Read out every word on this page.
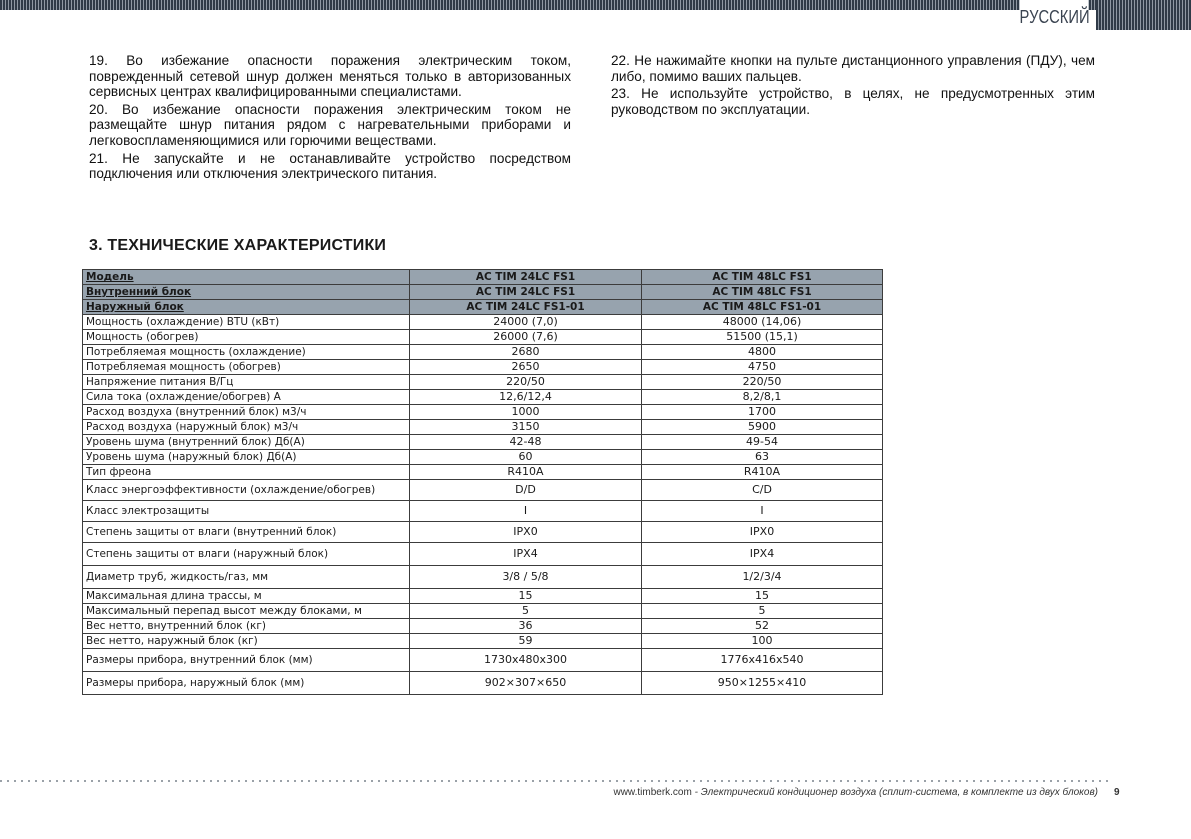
РУССКИЙ

19. Во избежание опасности поражения электрическим током, поврежденный сетевой шнур должен меняться только в авторизованных сервисных центрах квалифицированными специалистами.

20. Во избежание опасности поражения электрическим током не размещайте шнур питания рядом с нагревательными приборами и легковоспламеняющимися или горючими веществами.

21. Не запускайте и не останавливайте устройство посредством подключения или отключения электрического питания.

22. Не нажимайте кнопки на пульте дистанционного управления (ПДУ), чем либо, помимо ваших пальцев.

23. Не используйте устройство, в целях, не предусмотренных этим руководством по эксплуатации.

3. ТЕХНИЧЕСКИЕ ХАРАКТЕРИСТИКИ
Модель	AC TIM 24LC FS1	AC TIM 48LC FS1
Внутренний блок	AC TIM 24LC FS1	AC TIM 48LC FS1
Наружный блок	AC TIM 24LC FS1-01	AC TIM 48LC FS1-01
Мощность (охлаждение) BTU (кВт)	24000 (7,0)	48000 (14,06)
Мощность (обогрев)	26000 (7,6)	51500 (15,1)
Потребляемая мощность (охлаждение)	2680	4800
Потребляемая мощность (обогрев)	2650	4750
Напряжение питания В/Гц	220/50	220/50
Сила тока (охлаждение/обогрев) А	12,6/12,4	8,2/8,1
Расход воздуха (внутренний блок) м3/ч	1000	1700
Расход воздуха (наружный блок) м3/ч	3150	5900
Уровень шума (внутренний блок) Дб(А)	42-48	49-54
Уровень шума (наружный блок) Дб(А)	60	63
Тип фреона	R410A	R410A
Класс энергоэффективности (охлаждение/обогрев)	D/D	C/D
Класс электрозащиты	I	I
Степень защиты от влаги (внутренний блок)	IPX0	IPX0
Степень защиты от влаги (наружный блок)	IPX4	IPX4
Диаметр труб, жидкость/газ, мм	3/8 / 5/8	1/2/3/4
Максимальная длина трассы, м	15	15
Максимальный перепад высот между блоками, м	5	5
Вес нетто, внутренний блок (кг)	36	52
Вес нетто, наружный блок (кг)	59	100
Размеры прибора, внутренний блок (мм)	1730x480x300	1776x416x540
Размеры прибора, наружный блок (мм)	902×307×650	950×1255×410
www.timberk.com - Электрический кондиционер воздуха (сплит-система, в комплекте из двух блоков) 9
